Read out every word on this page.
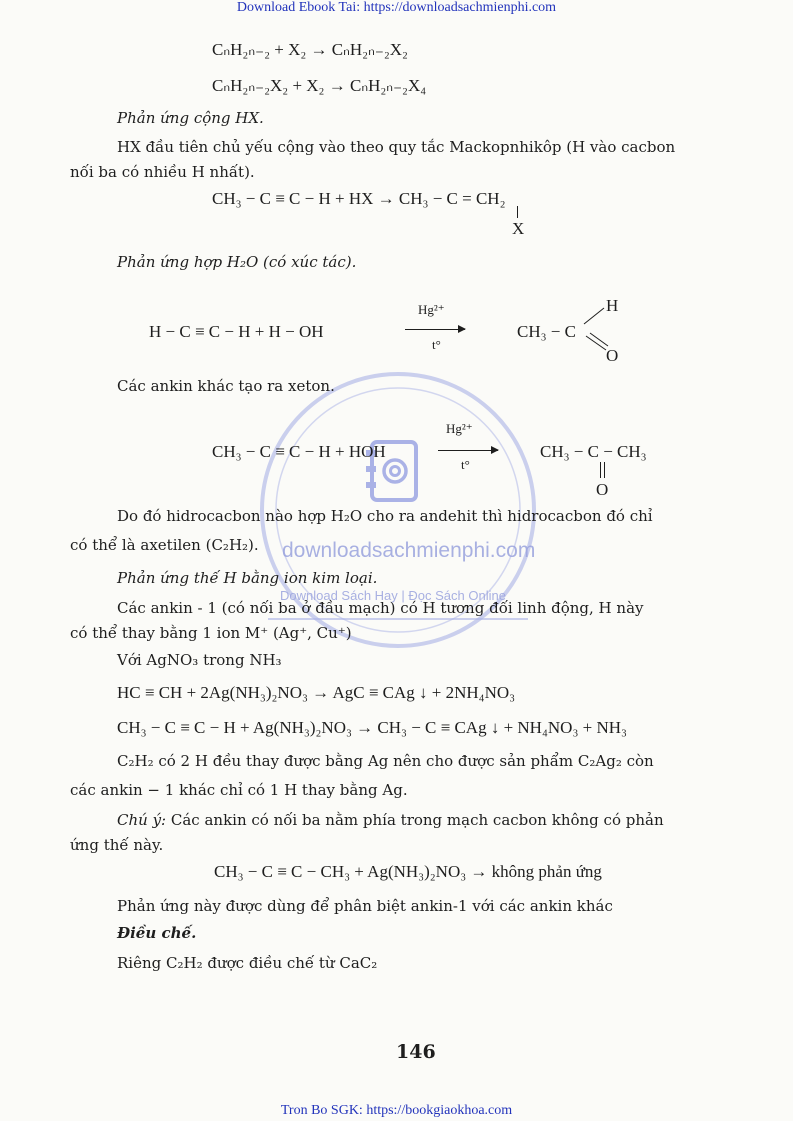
Download Ebook Tai: https://downloadsachmienphi.com
downloadsachmienphi.com
Download Sách Hay | Đọc Sách Online
CₙH₂ₙ₋₂ + X₂ → CₙH₂ₙ₋₂X₂
CₙH₂ₙ₋₂X₂ + X₂ → CₙH₂ₙ₋₂X₄
Phản ứng cộng HX.
HX đầu tiên chủ yếu cộng vào theo quy tắc Mackopnhikôp (H vào cacbon
nối ba có nhiều H nhất).
CH₃ − C ≡ C − H + HX → CH₃ − C = CH₂
X
Phản ứng hợp H₂O (có xúc tác).
H − C ≡ C − H + H − OH
Hg²⁺
t°
CH₃ − C
H
O
Các ankin khác tạo ra xeton.
CH₃ − C ≡ C − H + HOH
Hg²⁺
t°
CH₃ − C − CH₃
O
Do đó hidrocacbon nào hợp H₂O cho ra andehit thì hidrocacbon đó chỉ
có thể là axetilen (C₂H₂).
Phản ứng thế H bằng ion kim loại.
Các ankin - 1 (có nối ba ở đầu mạch) có H tương đối linh động, H này
có thể thay bằng 1 ion M⁺ (Ag⁺, Cu⁺)
Với AgNO₃ trong NH₃
HC ≡ CH + 2Ag(NH₃)₂NO₃ → AgC ≡ CAg ↓ + 2NH₄NO₃
CH₃ − C ≡ C − H + Ag(NH₃)₂NO₃ → CH₃ − C ≡ CAg ↓ + NH₄NO₃ + NH₃
C₂H₂ có 2 H đều thay được bằng Ag nên cho được sản phẩm C₂Ag₂ còn
các ankin − 1 khác chỉ có 1 H thay bằng Ag.
Chú ý: Các ankin có nối ba nằm phía trong mạch cacbon không có phản
ứng thế này.
CH₃ − C ≡ C − CH₃ + Ag(NH₃)₂NO₃ → không phản ứng
Phản ứng này được dùng để phân biệt ankin-1 với các ankin khác
Điều chế.
Riêng C₂H₂ được điều chế từ CaC₂
146
Tron Bo SGK: https://bookgiaokhoa.com
